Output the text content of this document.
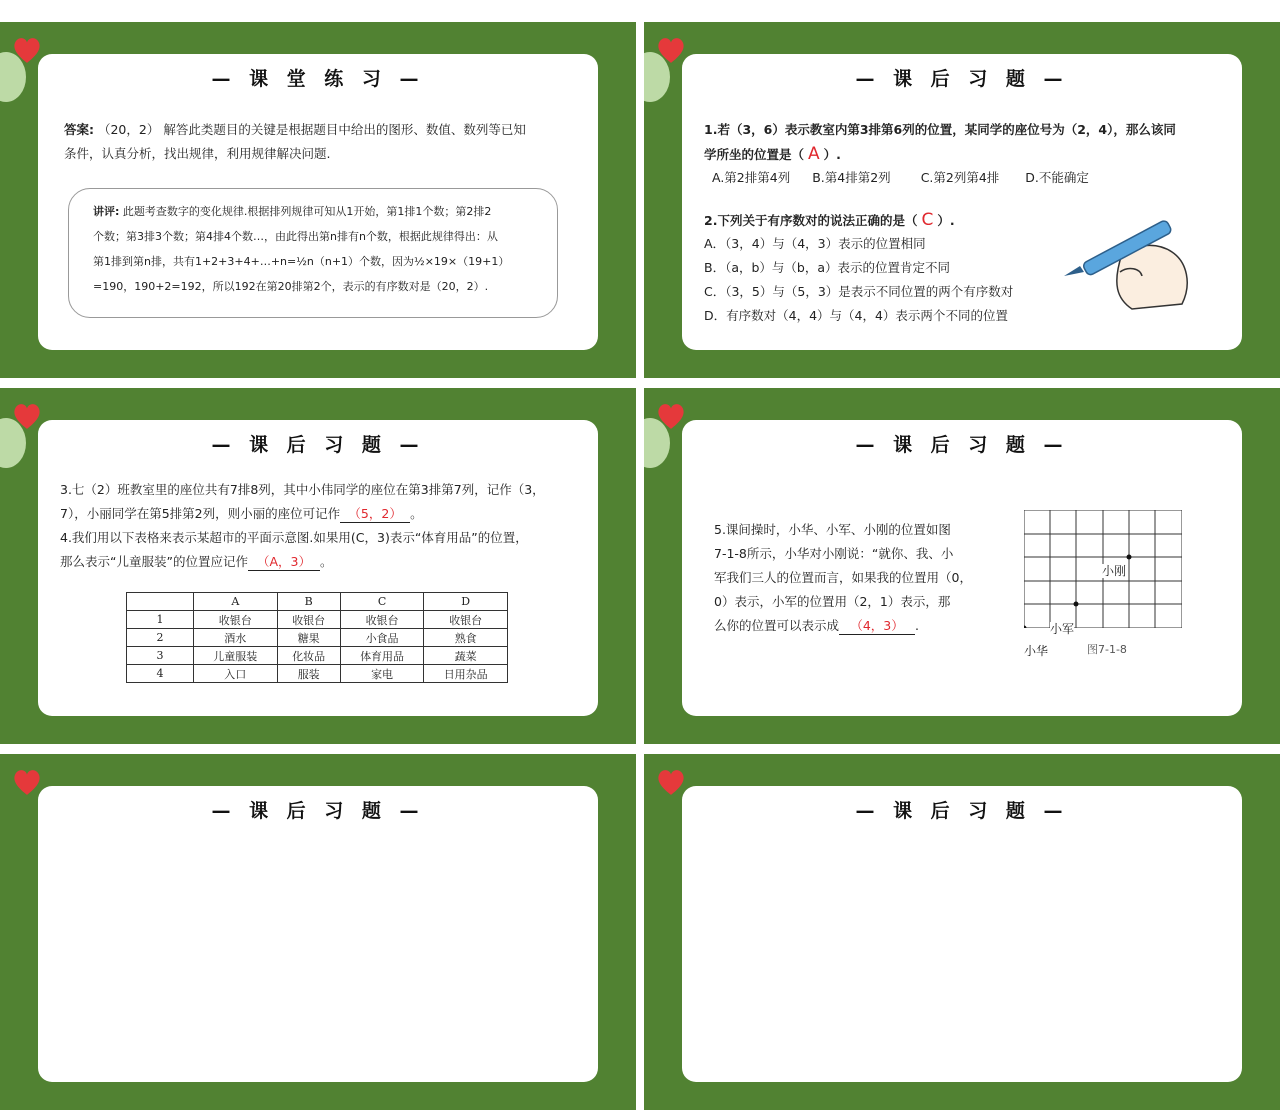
— 课 堂 练 习 —
答案: （20，2） 解答此类题目的关键是根据题目中给出的图形、数值、数列等已知
条件，认真分析，找出规律，利用规律解决问题.
讲评: 此题考查数字的变化规律.根据排列规律可知从1开始，第1排1个数；第2排2
个数；第3排3个数；第4排4个数…，由此得出第n排有n个数，根据此规律得出：从
第1排到第n排，共有1+2+3+4+…+n=½n（n+1）个数，因为½×19×（19+1）
=190，190+2=192，所以192在第20排第2个，表示的有序数对是（20，2）.
— 课 后 习 题 —
1.若（3，6）表示教室内第3排第6列的位置，某同学的座位号为（2，4），那么该同
学所坐的位置是（ A ）.
A.第2排第4列 B.第4排第2列 C.第2列第4排 D.不能确定
2.下列关于有序数对的说法正确的是（ C ）.
A．（3，4）与（4，3）表示的位置相同
B．（a，b）与（b，a）表示的位置肯定不同
C．（3，5）与（5，3）是表示不同位置的两个有序数对
D．有序数对（4，4）与（4，4）表示两个不同的位置
— 课 后 习 题 —
3.七（2）班教室里的座位共有7排8列，其中小伟同学的座位在第3排第7列，记作（3，
7），小丽同学在第5排第2列，则小丽的座位可记作 （5，2） 。
4.我们用以下表格来表示某超市的平面示意图.如果用(C，3)表示“体育用品”的位置，
那么表示“儿童服装”的位置应记作 （A，3） 。
	A	B	C	D
1	收银台	收银台	收银台	收银台
2	酒水	糖果	小食品	熟食
3	儿童服装	化妆品	体育用品	蔬菜
4	入口	服装	家电	日用杂品
— 课 后 习 题 —
5.课间操时，小华、小军、小刚的位置如图
7-1-8所示，小华对小刚说：“就你、我、小
军我们三人的位置而言，如果我的位置用（0，
0）表示，小军的位置用（2，1）表示，那
么你的位置可以表示成 （4，3） .
小刚
小军
小华	图7-1-8
— 课 后 习 题 —	— 课 后 习 题 —
